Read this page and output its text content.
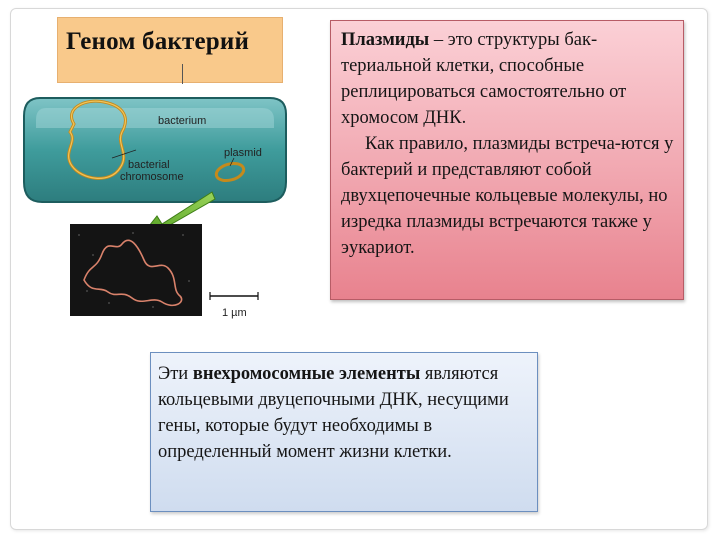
Геном бактерий
bacterium
plasmid
bacterial
chromosome
1 µm
Плазмиды – это структуры бак-териальной клетки, способные реплицироваться самостоятельно от хромосом ДНК.
Как правило, плазмиды встреча-ются у бактерий и представляют собой двухцепочечные кольцевые молекулы, но изредка плазмиды встречаются также у эукариот.
Эти внехромосомные элементы являются кольцевыми двуцепочными ДНК, несущими гены, которые будут необходимы в определенный момент жизни клетки.
